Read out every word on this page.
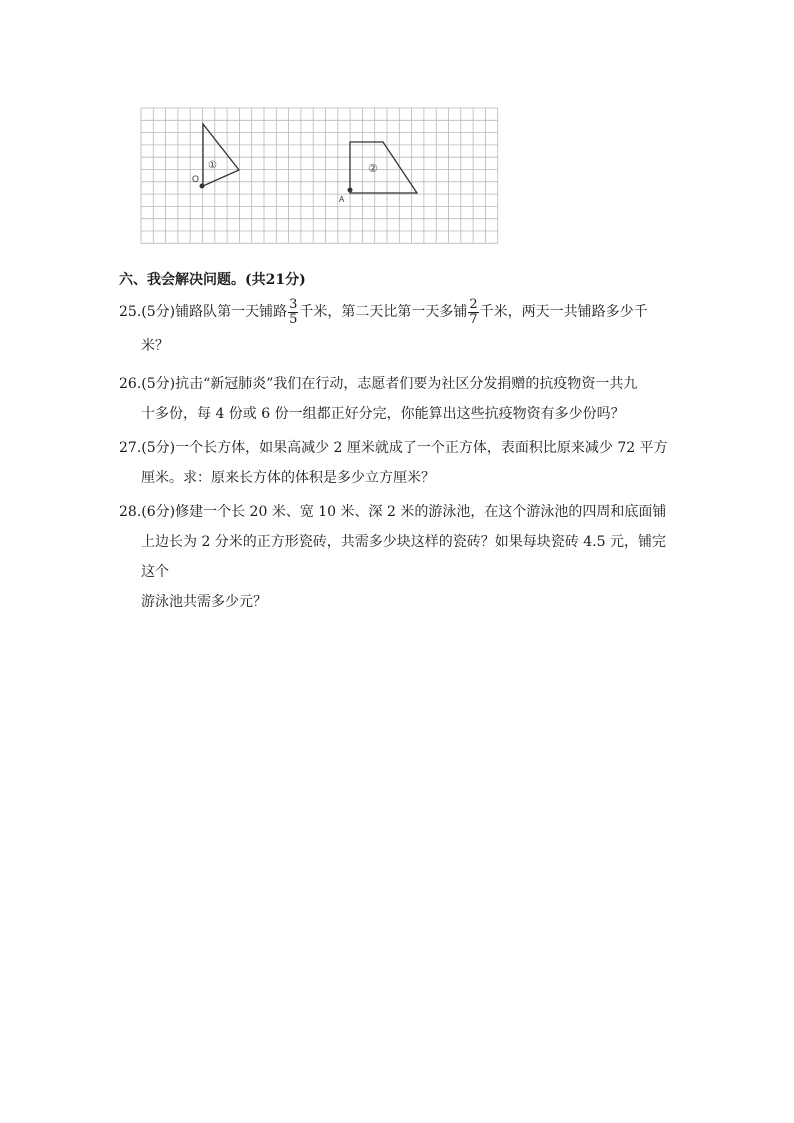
①
O
②
A
六、我会解决问题。(共21分)
25.(5分)铺路队第一天铺路 $\frac{3}{5}$ 千米，第二天比第一天多铺 $\frac{2}{7}$ 千米，两天一共铺路多少千
米？
26.(5分)抗击“新冠肺炎”我们在行动，志愿者们要为社区分发捐赠的抗疫物资一共九
十多份，每 4 份或 6 份一组都正好分完，你能算出这些抗疫物资有多少份吗？
27.(5分)一个长方体，如果高减少 2 厘米就成了一个正方体，表面积比原来减少 72 平方
厘米。求：原来长方体的体积是多少立方厘米？
28.(6分)修建一个长 20 米、宽 10 米、深 2 米的游泳池，在这个游泳池的四周和底面铺
上边长为 2 分米的正方形瓷砖，共需多少块这样的瓷砖？如果每块瓷砖 4.5 元，铺完这个
游泳池共需多少元？
